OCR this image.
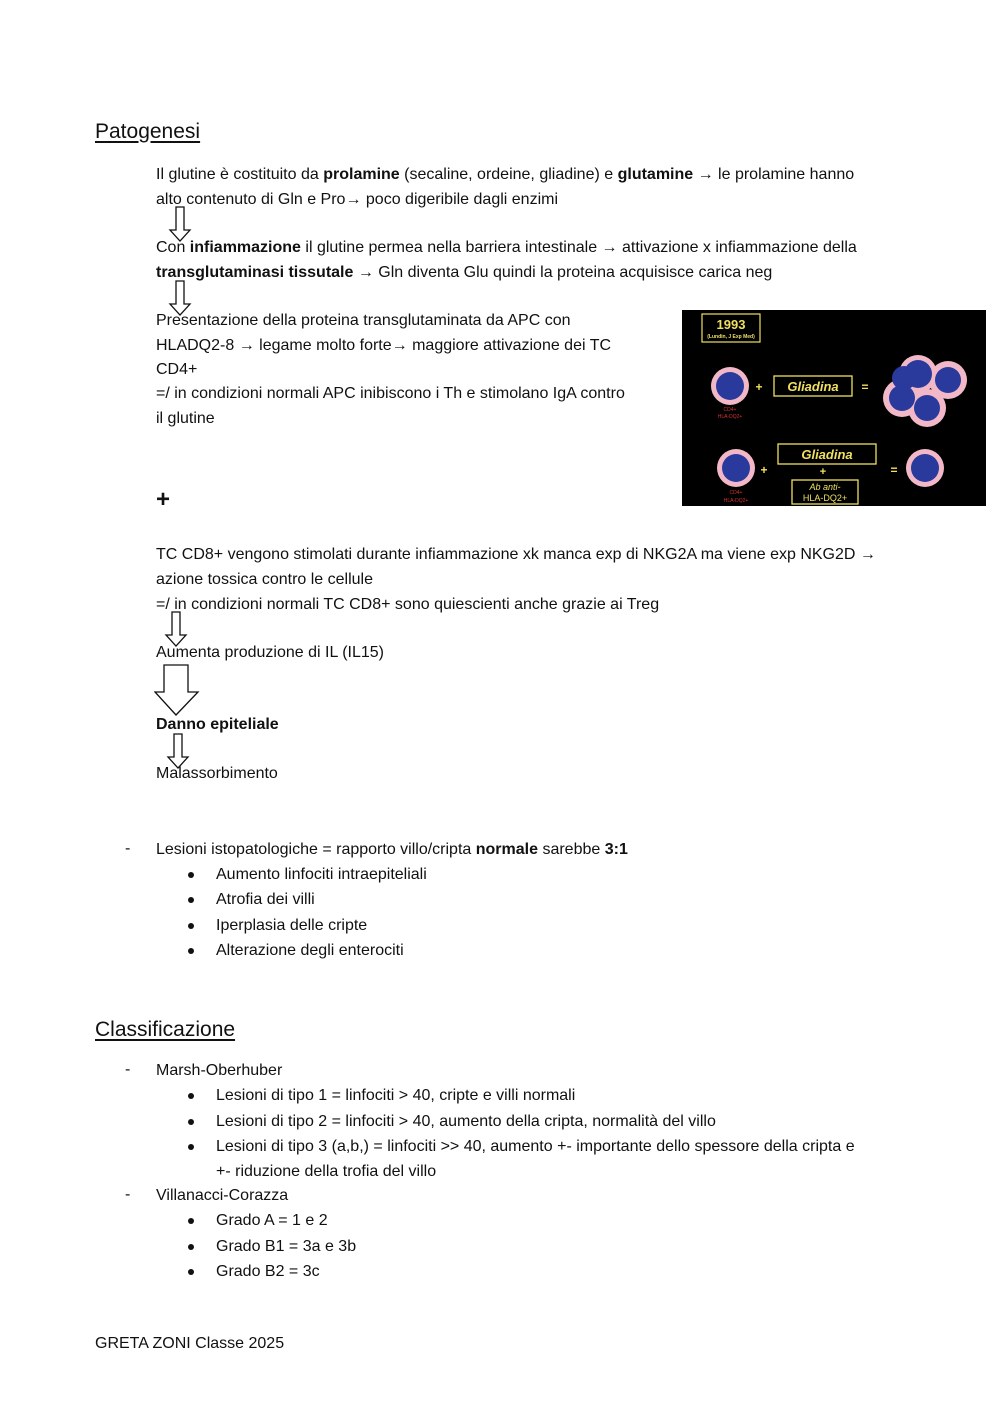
Patogenesi
Il glutine è costituito da prolamine (secaline, ordeine, gliadine) e glutamine → le prolamine hanno
alto contenuto di Gln e Pro→ poco digeribile dagli enzimi
Con infiammazione il glutine permea nella barriera intestinale → attivazione x infiammazione della
transglutaminasi tissutale → Gln diventa Glu quindi la proteina acquisisce carica neg
Presentazione della proteina transglutaminata da APC con
HLADQ2-8 → legame molto forte→ maggiore attivazione dei TC
CD4+
=/ in condizioni normali APC inibiscono i Th e stimolano IgA contro
il glutine
1993
(Lundin, J Exp Med)
CD4+
HLA-DQ2+
+ Gliadina =
CD4+
HLA-DQ2+
+
Gliadina
+
Ab anti-
HLA-DQ2+
=
+
TC CD8+ vengono stimolati durante infiammazione xk manca exp di NKG2A ma viene exp NKG2D →
azione tossica contro le cellule
=/ in condizioni normali TC CD8+ sono quiescienti anche grazie ai Treg
Aumenta produzione di IL (IL15)
Danno epiteliale
Malassorbimento
- Lesioni istopatologiche = rapporto villo/cripta normale sarebbe 3:1
Aumento linfociti intraepiteliali
Atrofia dei villi
Iperplasia delle cripte
Alterazione degli enterociti
Classificazione
- Marsh-Oberhuber
Lesioni di tipo 1 = linfociti > 40, cripte e villi normali
Lesioni di tipo 2 = linfociti > 40, aumento della cripta, normalità del villo
Lesioni di tipo 3 (a,b,) = linfociti >> 40, aumento +- importante dello spessore della cripta e
+- riduzione della trofia del villo
- Villanacci-Corazza
Grado A = 1 e 2
Grado B1 = 3a e 3b
Grado B2 = 3c
GRETA ZONI Classe 2025
